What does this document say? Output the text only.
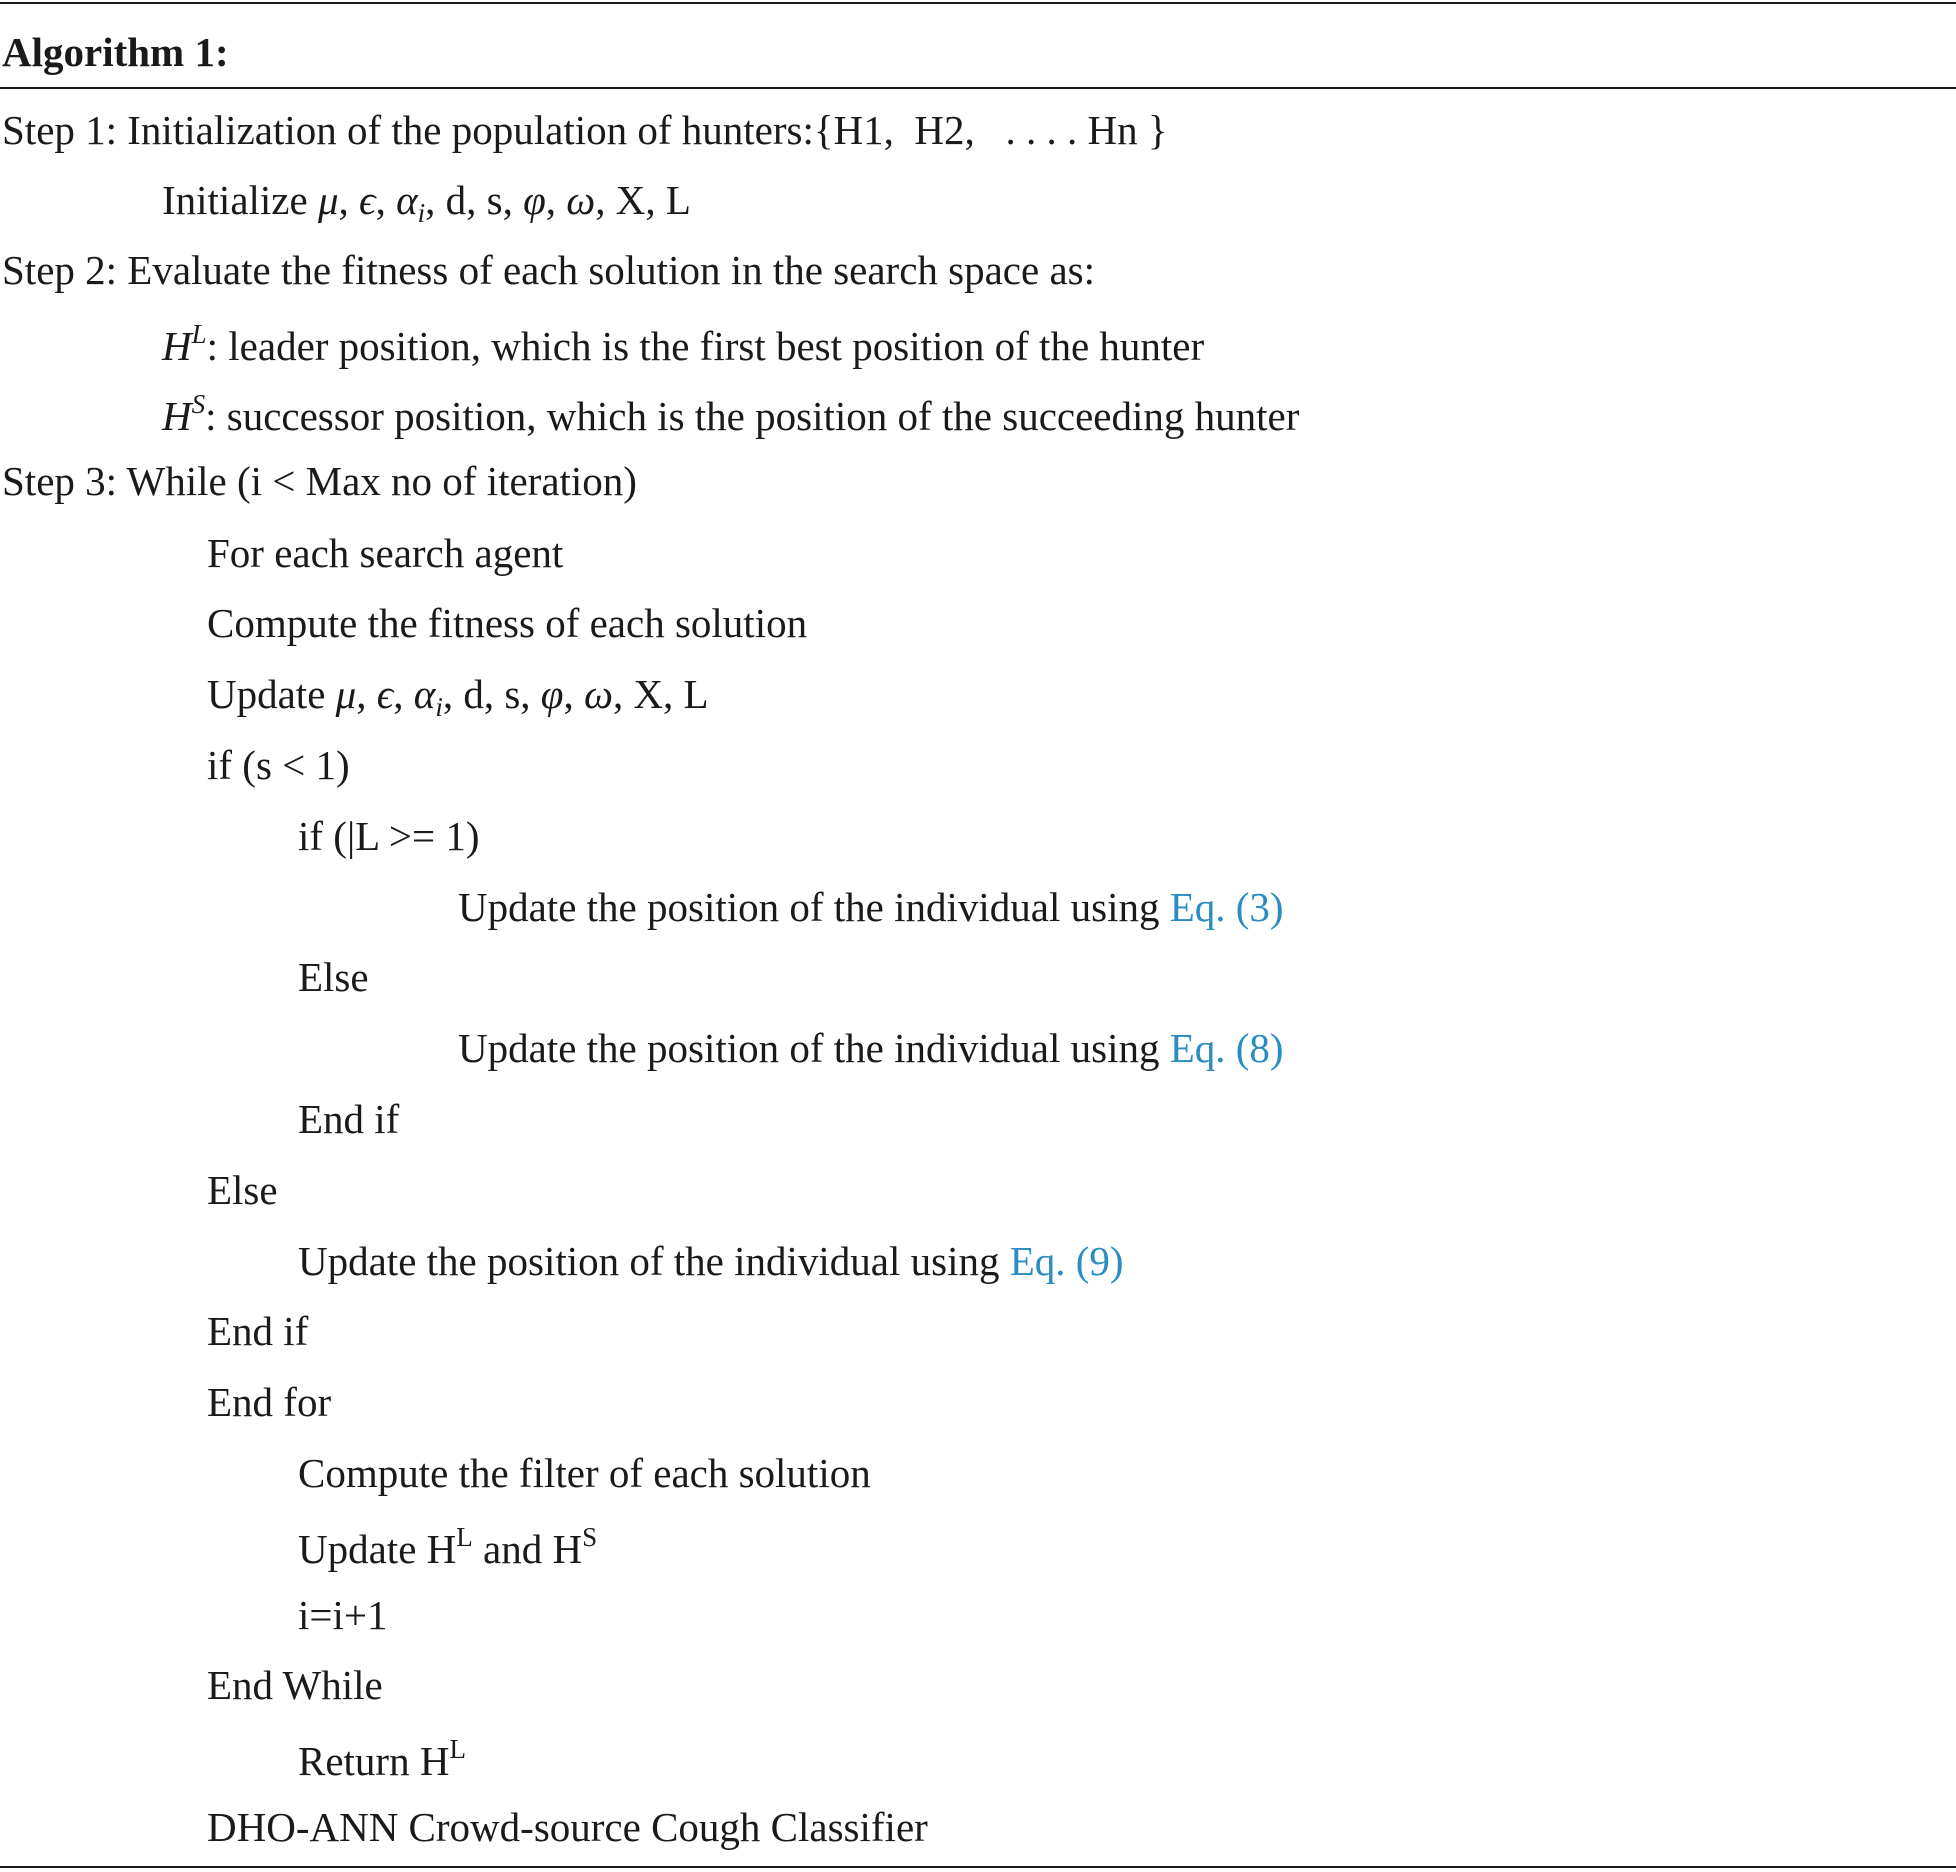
Algorithm 1:
Step 1: Initialization of the population of hunters:{H1,  H2,   . . . . Hn }
Initialize μ, ϵ, $\alpha_i$, d, s, φ, ω, X, L
Step 2: Evaluate the fitness of each solution in the search space as:
$H^L$: leader position, which is the first best position of the hunter
$H^S$: successor position, which is the position of the succeeding hunter
Step 3: While (i < Max no of iteration)
For each search agent
Compute the fitness of each solution
Update μ, ϵ, $\alpha_i$, d, s, φ, ω, X, L
if (s < 1)
if (|L >= 1)
Update the position of the individual using Eq. (3)
Else
Update the position of the individual using Eq. (8)
End if
Else
Update the position of the individual using Eq. (9)
End if
End for
Compute the filter of each solution
Update $H^L$ and $H^S$
i=i+1
End While
Return $H^L$
DHO-ANN Crowd-source Cough Classifier
